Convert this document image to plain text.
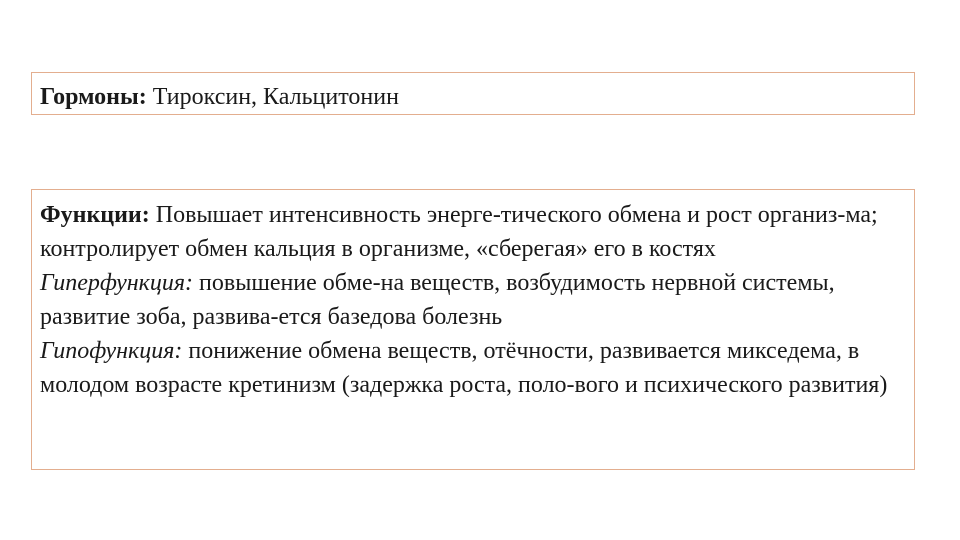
Гормоны: Тироксин, Кальцитонин

Функции: Повышает интенсивность энерге-тического обмена и рост организ-ма; контролирует обмен кальция в организме, «сберегая» его в костях

Гиперфункция: повышение обме-на веществ, возбудимость нервной системы, развитие зоба, развива-ется базедова болезнь

Гипофункция: понижение обмена веществ, отёчности, развивается микседема, в молодом возрасте кретинизм (задержка роста, поло-вого и психического развития)
